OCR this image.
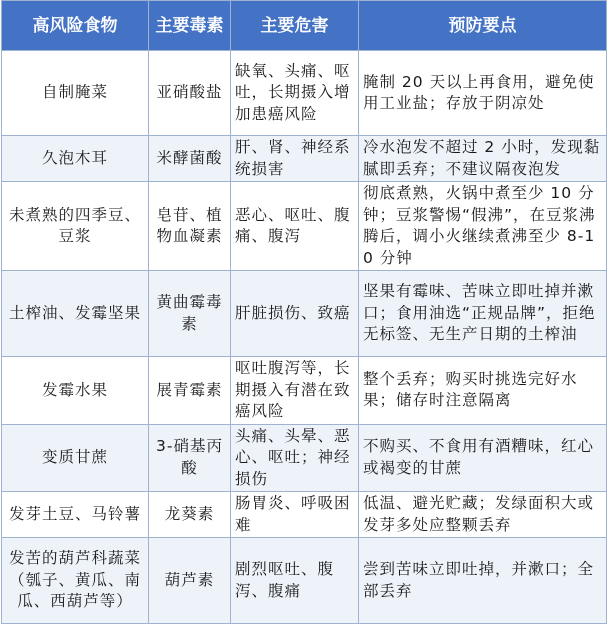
高风险食物	主要毒素	主要危害	预防要点
自制腌菜	亚硝酸盐	缺氧、头痛、呕吐，长期摄入增加患癌风险	腌制 20 天以上再食用，避免使用工业盐；存放于阴凉处
久泡木耳	米酵菌酸	肝、肾、神经系统损害	冷水泡发不超过 2 小时，发现黏腻即丢弃；不建议隔夜泡发
未煮熟的四季豆、豆浆	皂苷、植物血凝素	恶心、呕吐、腹痛、腹泻	彻底煮熟，火锅中煮至少 10 分钟；豆浆警惕“假沸”，在豆浆沸腾后，调小火继续煮沸至少 8-10 分钟
土榨油、发霉坚果	黄曲霉毒素	肝脏损伤、致癌	坚果有霉味、苦味立即吐掉并漱口；食用油选“正规品牌”，拒绝无标签、无生产日期的土榨油
发霉水果	展青霉素	呕吐腹泻等，长期摄入有潜在致癌风险	整个丢弃；购买时挑选完好水果；储存时注意隔离
变质甘蔗	3-硝基丙酸	头痛、头晕、恶心、呕吐；神经损伤	不购买、不食用有酒糟味，红心或褐变的甘蔗
发芽土豆、马铃薯	龙葵素	肠胃炎、呼吸困难	低温、避光贮藏；发绿面积大或发芽多处应整颗丢弃
发苦的葫芦科蔬菜（瓠子、黄瓜、南瓜、西葫芦等）	葫芦素	剧烈呕吐、腹泻、腹痛	尝到苦味立即吐掉，并漱口；全部丢弃
